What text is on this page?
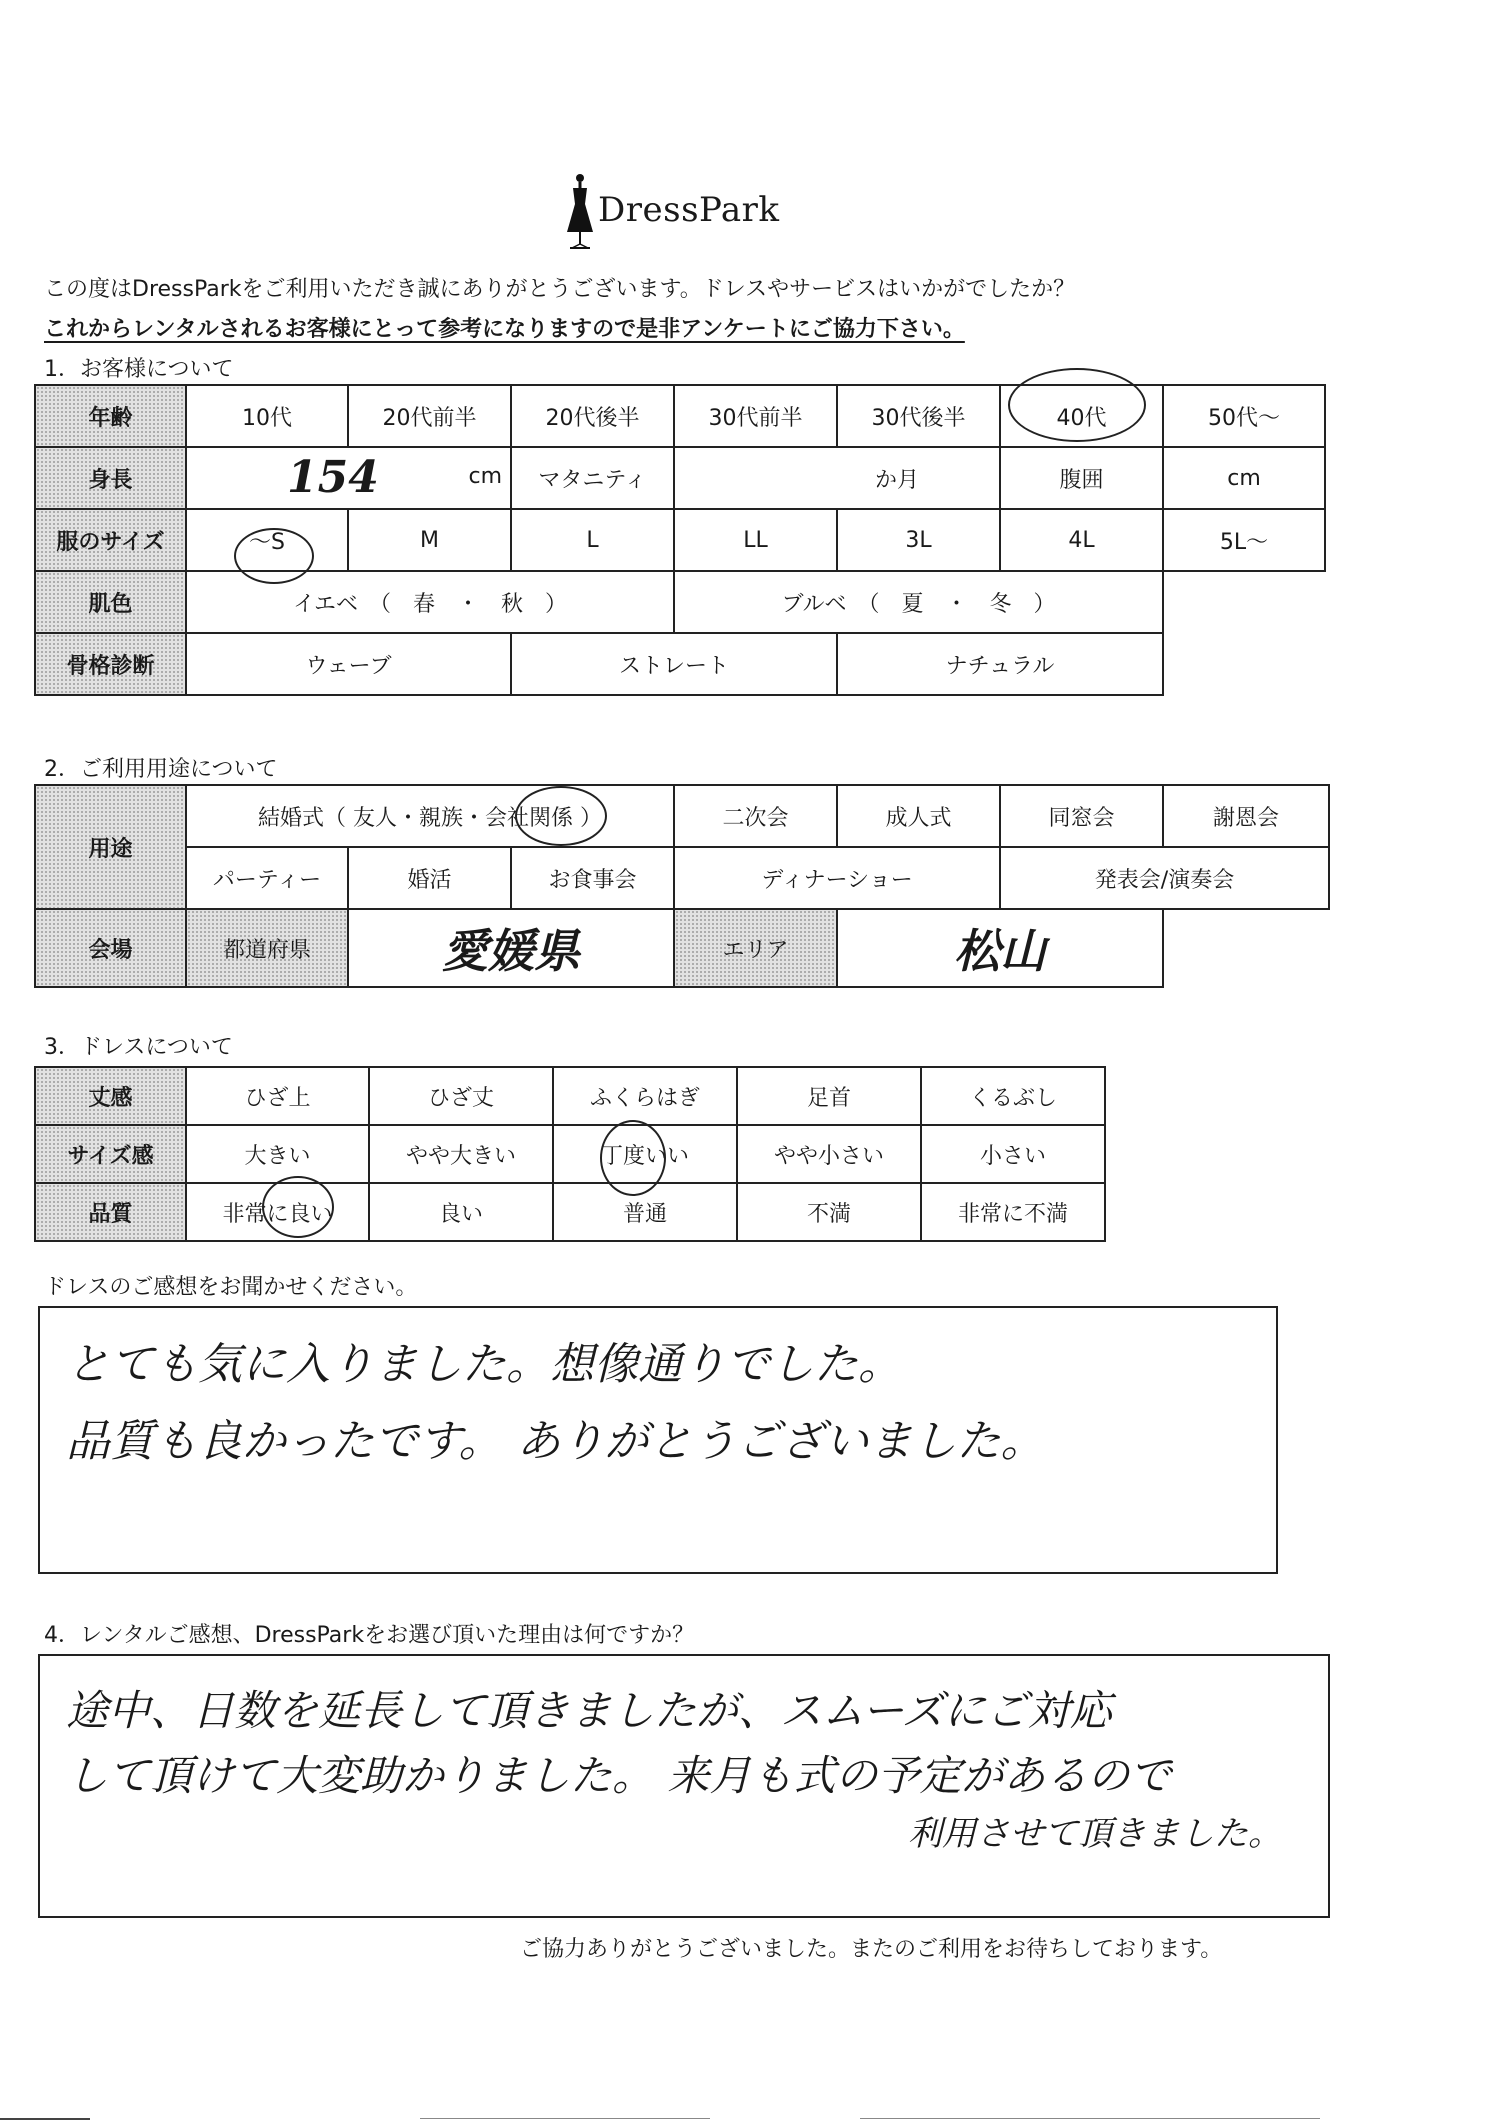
DressPark
この度はDressParkをご利用いただき誠にありがとうございます。ドレスやサービスはいかがでしたか？
これからレンタルされるお客様にとって参考になりますので是非アンケートにご協力下さい。
1．お客様について
年齢	10代	20代前半	20代後半	30代前半	30代後半	40代	50代～
身長	154 cm		マタニティ	か月		腹囲	cm
服のサイズ	～S	M	L	LL	3L	4L	5L～
肌色	イエベ　（　春　・　秋　）			ブルベ　（　夏　・　冬　）			
骨格診断	ウェーブ		ストレート		ナチュラル		
2．ご利用用途について
用途	結婚式（ 友人・親族・会社関係 ）			二次会	成人式	同窓会	謝恩会
	パーティー	婚活	お食事会	ディナーショー		発表会/演奏会	
会場	都道府県	愛媛県		エリア	松山		
3．ドレスについて
丈感	ひざ上	ひざ丈	ふくらはぎ	足首	くるぶし
サイズ感	大きい	やや大きい	丁度いい	やや小さい	小さい
品質	非常に良い	良い	普通	不満	非常に不満
ドレスのご感想をお聞かせください。
とても気に入りました。想像通りでした。
品質も良かったです。 ありがとうございました。
4．レンタルご感想、DressParkをお選び頂いた理由は何ですか？
途中、日数を延長して頂きましたが、スムーズにご対応
して頂けて大変助かりました。 来月も式の予定があるので
利用させて頂きました。
ご協力ありがとうございました。またのご利用をお待ちしております。
